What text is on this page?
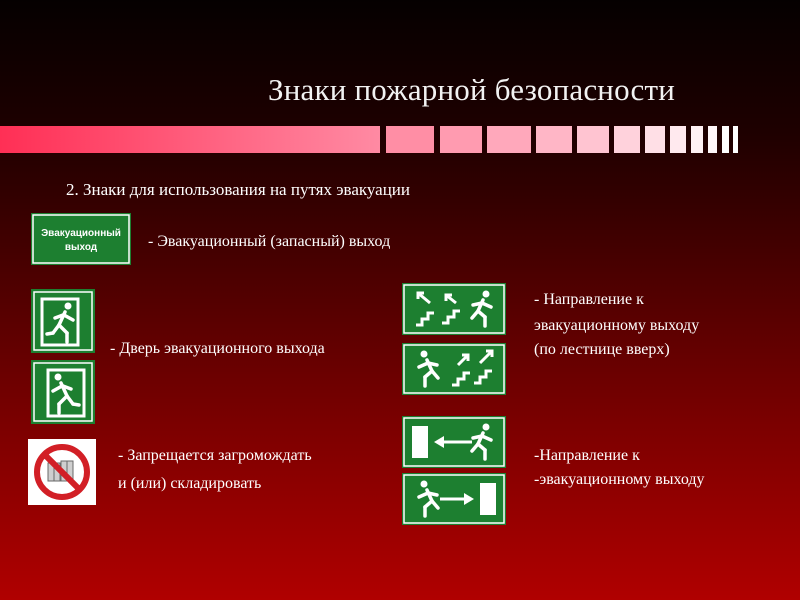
Знаки пожарной безопасности
2. Знаки для использования на путях эвакуации
Эвакуационный
выход	- Эвакуационный (запасный) выход
- Дверь эвакуационного выхода
- Запрещается загромождать
и (или) складировать
- Направление к
эвакуационному выходу
(по лестнице вверх)
-Направление к
-эвакуационному выходу
